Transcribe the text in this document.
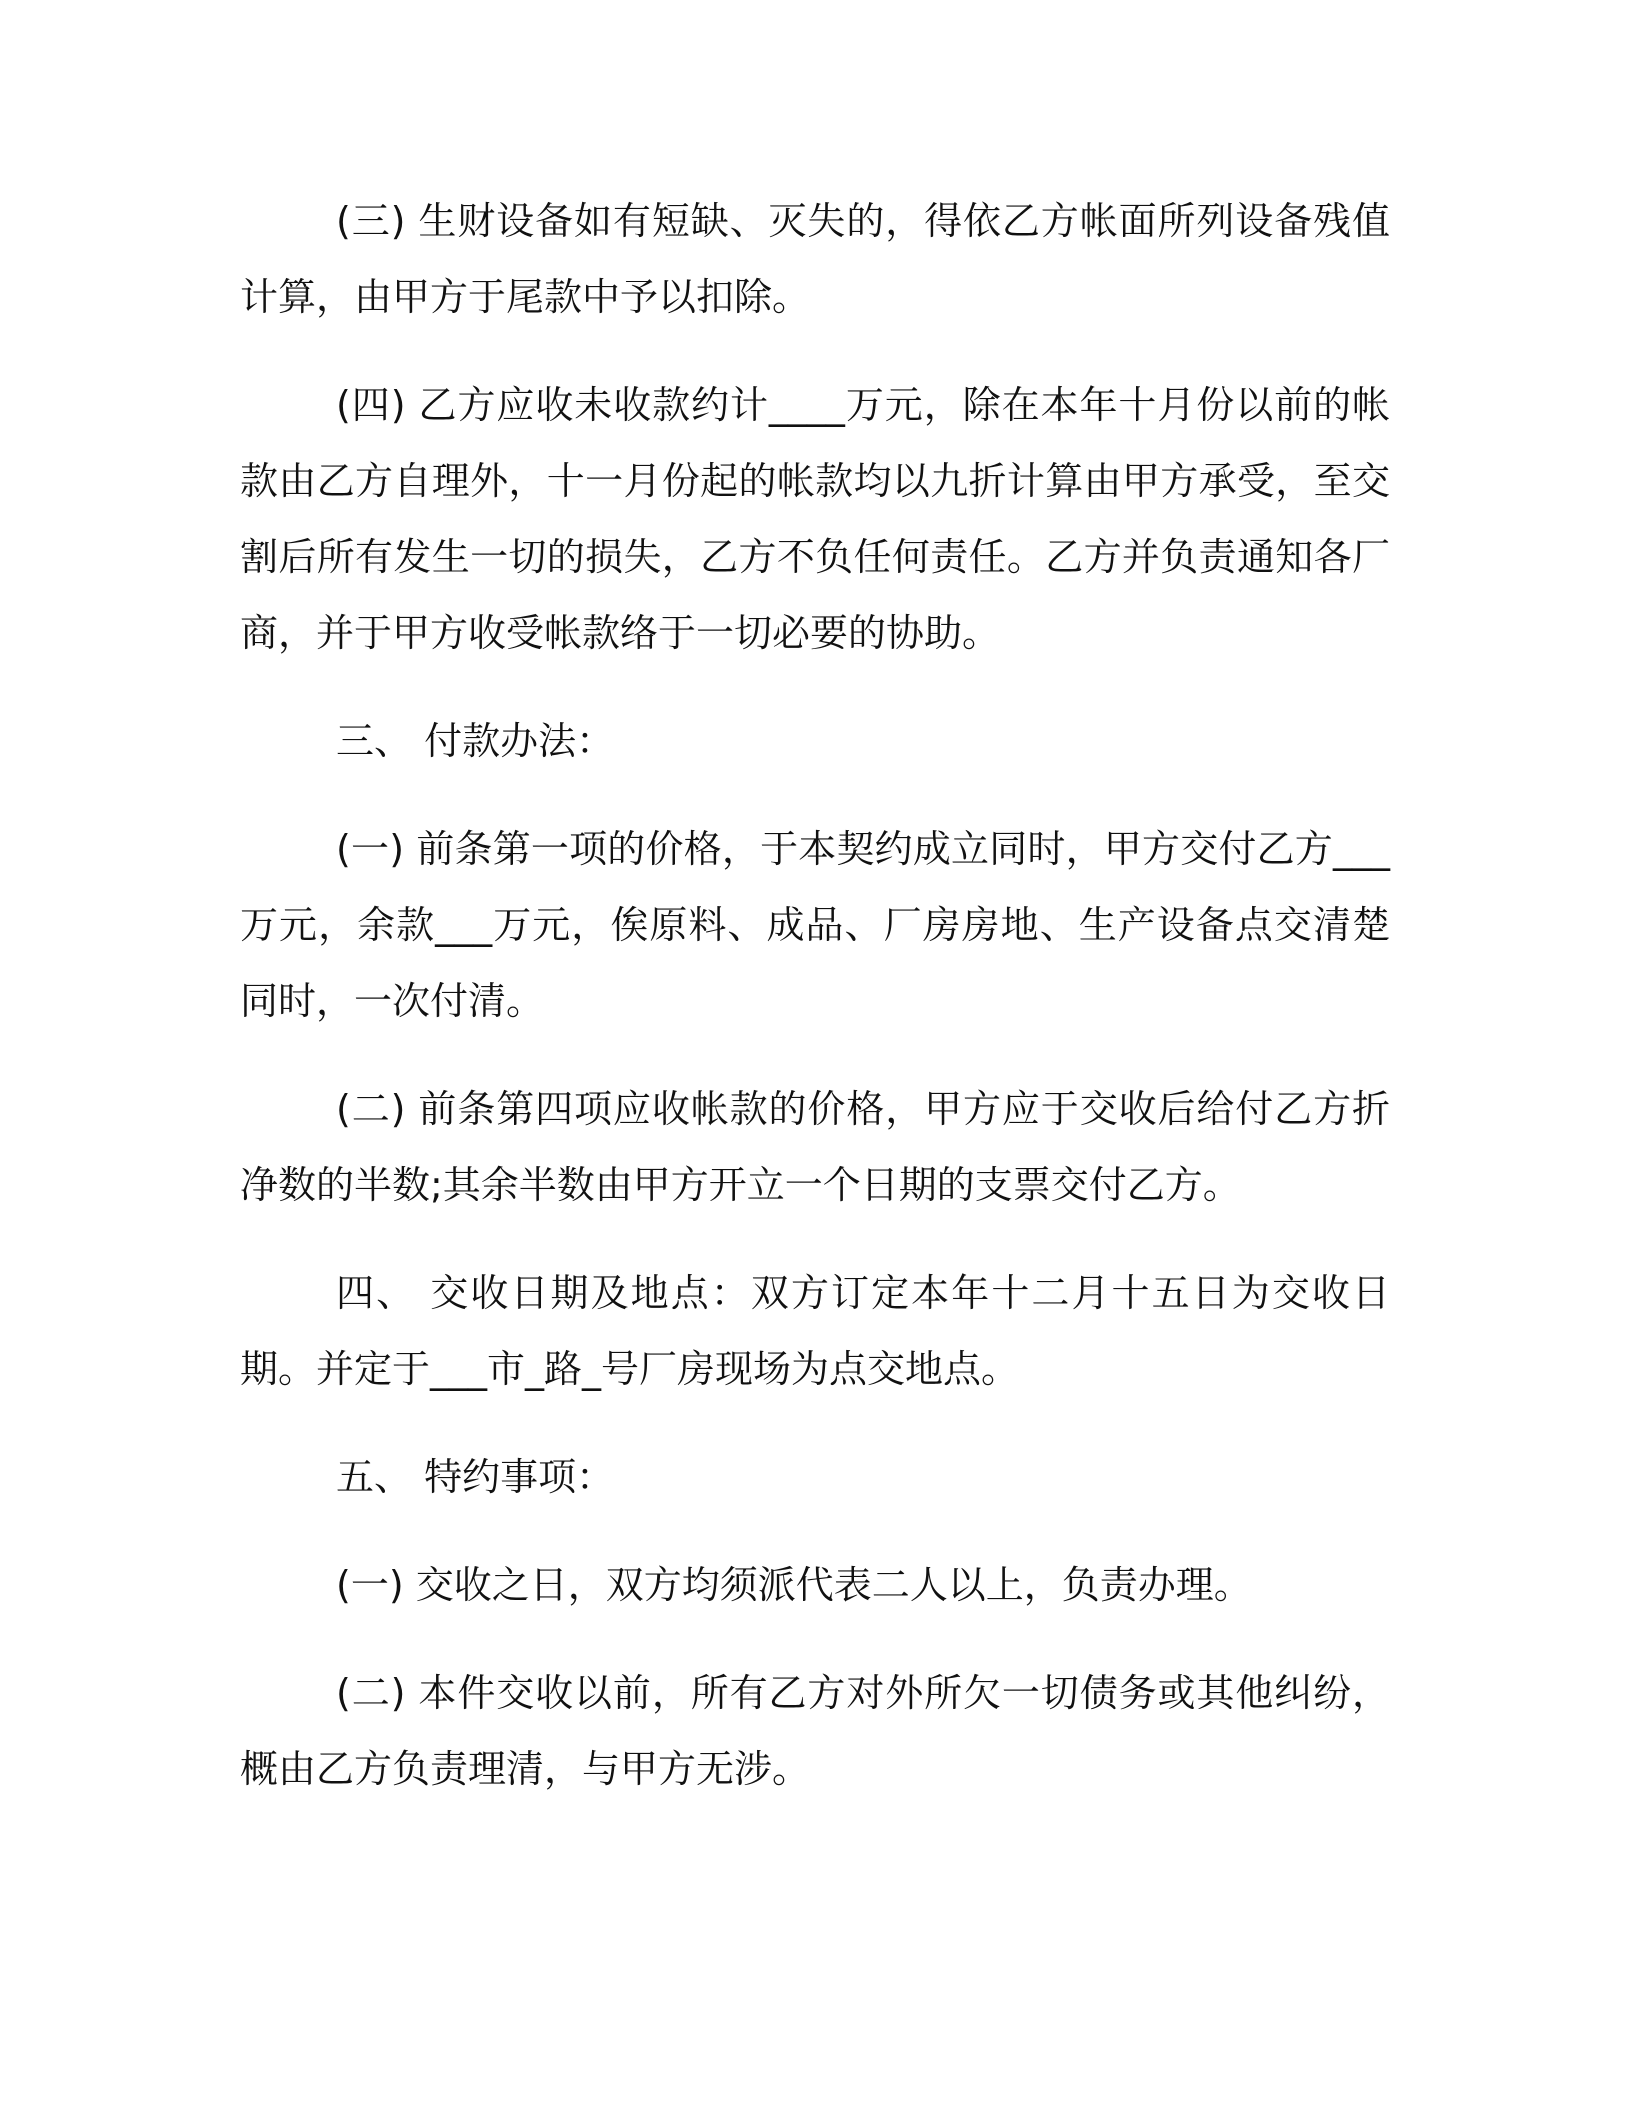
(三) 生财设备如有短缺、灭失的，得依乙方帐面所列设备残值计算，由甲方于尾款中予以扣除。

(四) 乙方应收未收款约计____万元，除在本年十月份以前的帐款由乙方自理外，十一月份起的帐款均以九折计算由甲方承受，至交割后所有发生一切的损失，乙方不负任何责任。乙方并负责通知各厂商，并于甲方收受帐款络于一切必要的协助。

三、 付款办法：

(一) 前条第一项的价格，于本契约成立同时，甲方交付乙方___万元，余款___万元，俟原料、成品、厂房房地、生产设备点交清楚同时，一次付清。

(二) 前条第四项应收帐款的价格，甲方应于交收后给付乙方折净数的半数;其余半数由甲方开立一个日期的支票交付乙方。

四、 交收日期及地点：双方订定本年十二月十五日为交收日期。并定于___市_路_号厂房现场为点交地点。

五、 特约事项：

(一) 交收之日，双方均须派代表二人以上，负责办理。

(二) 本件交收以前，所有乙方对外所欠一切债务或其他纠纷，概由乙方负责理清，与甲方无涉。
